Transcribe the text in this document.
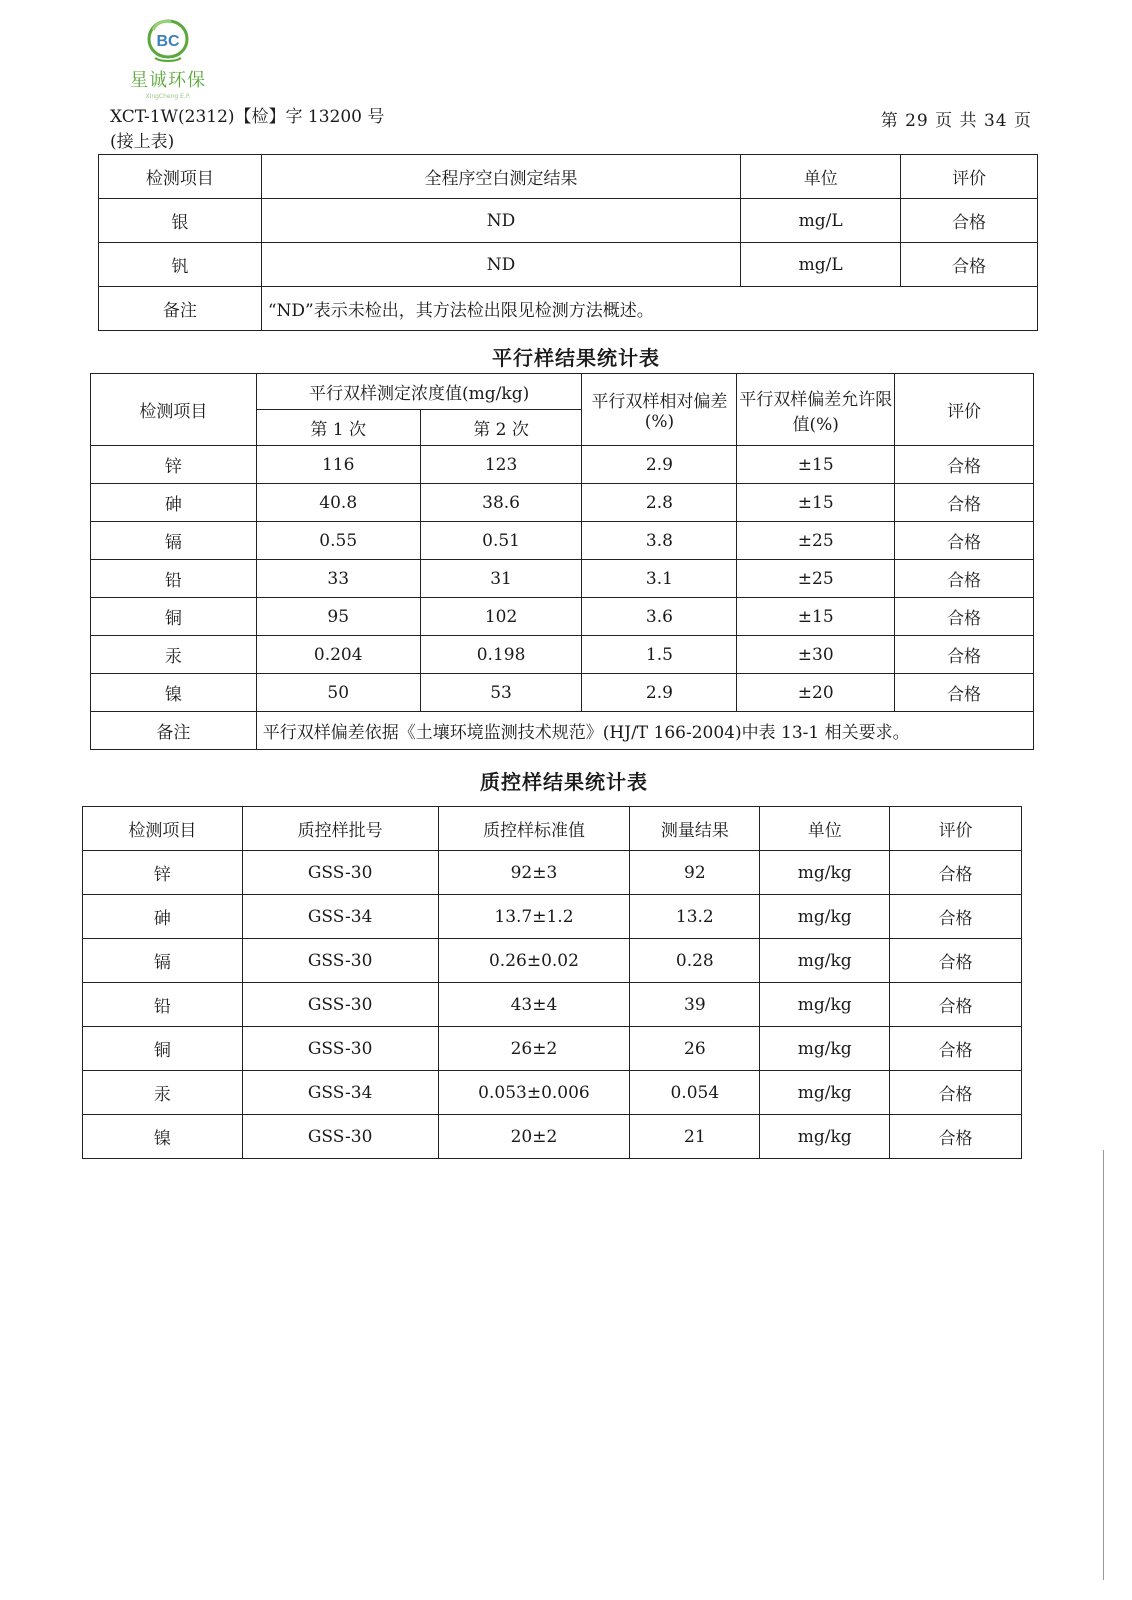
BC
星诚环保
XingCheng E.P.
XCT-1W(2312)【检】字 13200 号	第 29 页 共 34 页
(接上表)
检测项目	全程序空白测定结果	单位	评价
银	ND	mg/L	合格
钒	ND	mg/L	合格
备注	“ND”表示未检出，其方法检出限见检测方法概述。		
平行样结果统计表
检测项目	平行双样测定浓度值(mg/kg)		平行双样相对偏差(%)	平行双样偏差允许限值(%)	评价
	第 1 次	第 2 次			
锌	116	123	2.9	±15	合格
砷	40.8	38.6	2.8	±15	合格
镉	0.55	0.51	3.8	±25	合格
铅	33	31	3.1	±25	合格
铜	95	102	3.6	±15	合格
汞	0.204	0.198	1.5	±30	合格
镍	50	53	2.9	±20	合格
备注	平行双样偏差依据《土壤环境监测技术规范》(HJ/T 166-2004)中表 13-1 相关要求。				
质控样结果统计表
检测项目	质控样批号	质控样标准值	测量结果	单位	评价
锌	GSS-30	92±3	92	mg/kg	合格
砷	GSS-34	13.7±1.2	13.2	mg/kg	合格
镉	GSS-30	0.26±0.02	0.28	mg/kg	合格
铅	GSS-30	43±4	39	mg/kg	合格
铜	GSS-30	26±2	26	mg/kg	合格
汞	GSS-34	0.053±0.006	0.054	mg/kg	合格
镍	GSS-30	20±2	21	mg/kg	合格
